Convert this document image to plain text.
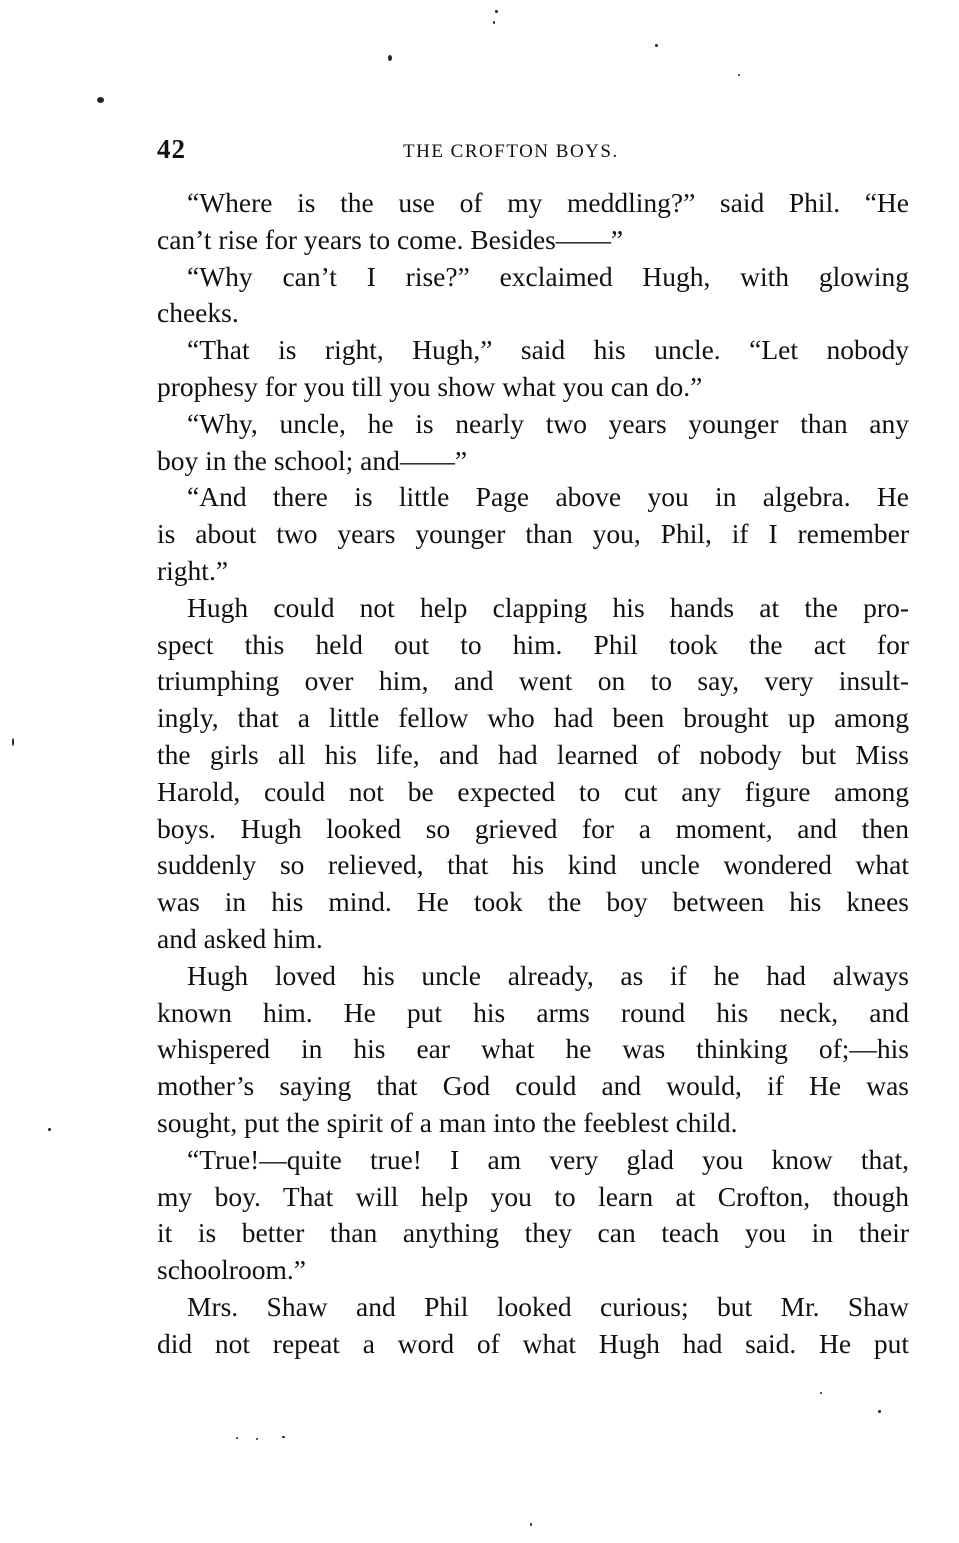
42	THE CROFTON BOYS.
“Where is the use of my meddling?” said Phil. “He
can’t rise for years to come. Besides——”
“Why can’t I rise?” exclaimed Hugh, with glowing
cheeks.
“That is right, Hugh,” said his uncle. “Let nobody
prophesy for you till you show what you can do.”
“Why, uncle, he is nearly two years younger than any
boy in the school; and——”
“And there is little Page above you in algebra. He
is about two years younger than you, Phil, if I remember
right.”
Hugh could not help clapping his hands at the pro-
spect this held out to him. Phil took the act for
triumphing over him, and went on to say, very insult-
ingly, that a little fellow who had been brought up among
the girls all his life, and had learned of nobody but Miss
Harold, could not be expected to cut any figure among
boys. Hugh looked so grieved for a moment, and then
suddenly so relieved, that his kind uncle wondered what
was in his mind. He took the boy between his knees
and asked him.
Hugh loved his uncle already, as if he had always
known him. He put his arms round his neck, and
whispered in his ear what he was thinking of;—his
mother’s saying that God could and would, if He was
sought, put the spirit of a man into the feeblest child.
“True!—quite true! I am very glad you know that,
my boy. That will help you to learn at Crofton, though
it is better than anything they can teach you in their
schoolroom.”
Mrs. Shaw and Phil looked curious; but Mr. Shaw
did not repeat a word of what Hugh had said. He put
